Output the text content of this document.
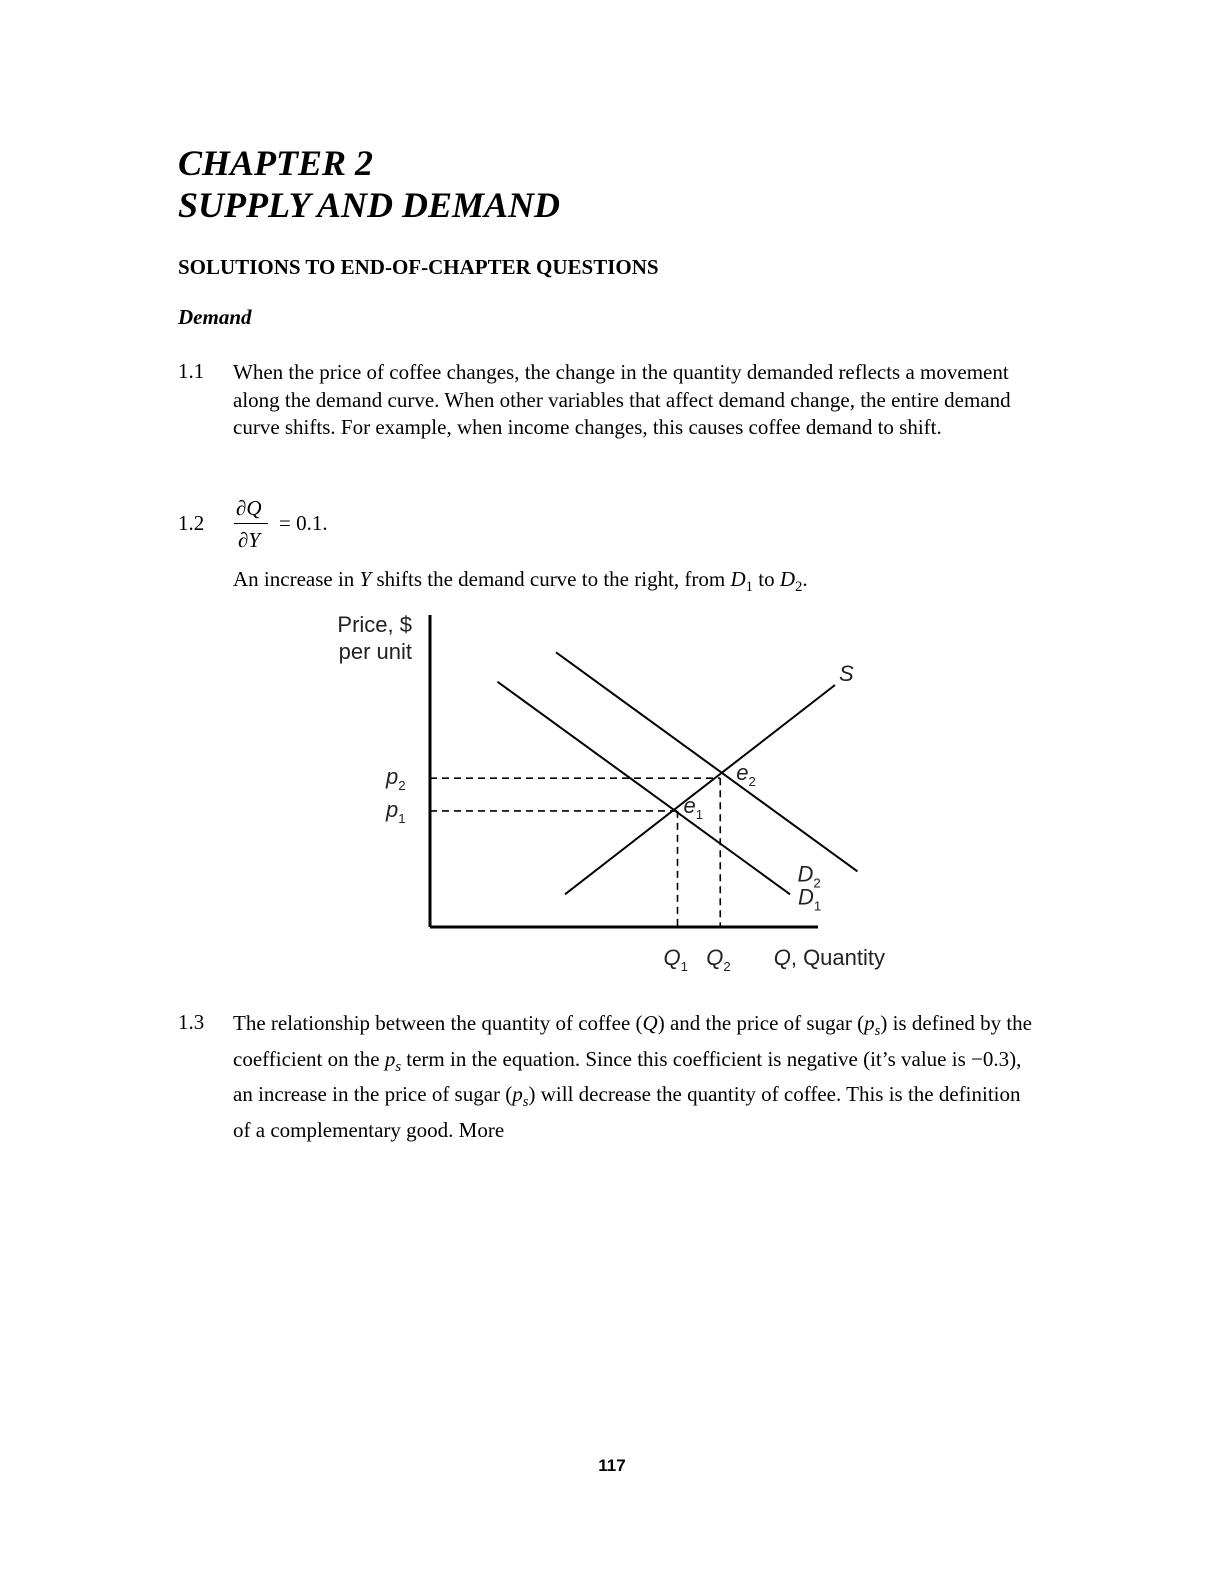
CHAPTER 2
SUPPLY AND DEMAND
SOLUTIONS TO END-OF-CHAPTER QUESTIONS
Demand
1.1 When the price of coffee changes, the change in the quantity demanded reflects a movement along the demand curve. When other variables that affect demand change, the entire demand curve shifts. For example, when income changes, this causes coffee demand to shift.

1.2
∂Q
∂Y
= 0.1.

An increase in Y shifts the demand curve to the right, from $D_1$ to $D_2$.

Price, $
per unit
$p_1$
$Q_1$
$p_2$
$Q_2$
S
$D_1$
$D_2$
$e_1$
$e_2$
Q, Quantity
1.3 The relationship between the quantity of coffee (Q) and the price of sugar $(p_s)$ is defined by the coefficient on the $p_s$ term in the equation. Since this coefficient is negative (it’s value is −0.3), an increase in the price of sugar $(p_s)$ will decrease the quantity of coffee. This is the definition of a complementary good. More

117
